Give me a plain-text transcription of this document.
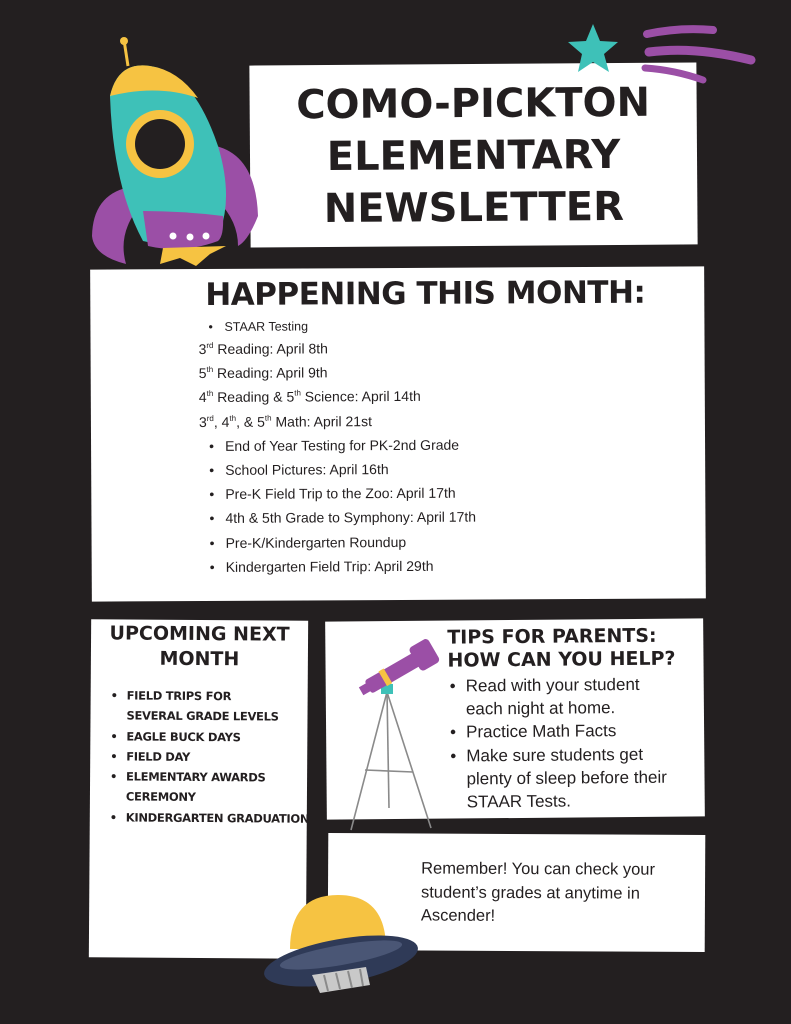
COMO-PICKTON
ELEMENTARY
NEWSLETTER
HAPPENING THIS MONTH:
• STAAR Testing
3rd Reading: April 8th
5th Reading: April 9th
4th Reading & 5th Science: April 14th
3rd, 4th, & 5th Math: April 21st
• End of Year Testing for PK-2nd Grade
• School Pictures: April 16th
• Pre-K Field Trip to the Zoo: April 17th
• 4th & 5th Grade to Symphony: April 17th
• Pre-K/Kindergarten Roundup
• Kindergarten Field Trip: April 29th
UPCOMING NEXT
MONTH
• FIELD TRIPS FOR SEVERAL GRADE LEVELS
• EAGLE BUCK DAYS
• FIELD DAY
• ELEMENTARY AWARDS CEREMONY
• KINDERGARTEN GRADUATION
TIPS FOR PARENTS:
HOW CAN YOU HELP?
• Read with your student each night at home.
• Practice Math Facts
• Make sure students get plenty of sleep before their STAAR Tests.
Remember! You can check your student’s grades at anytime in Ascender!
